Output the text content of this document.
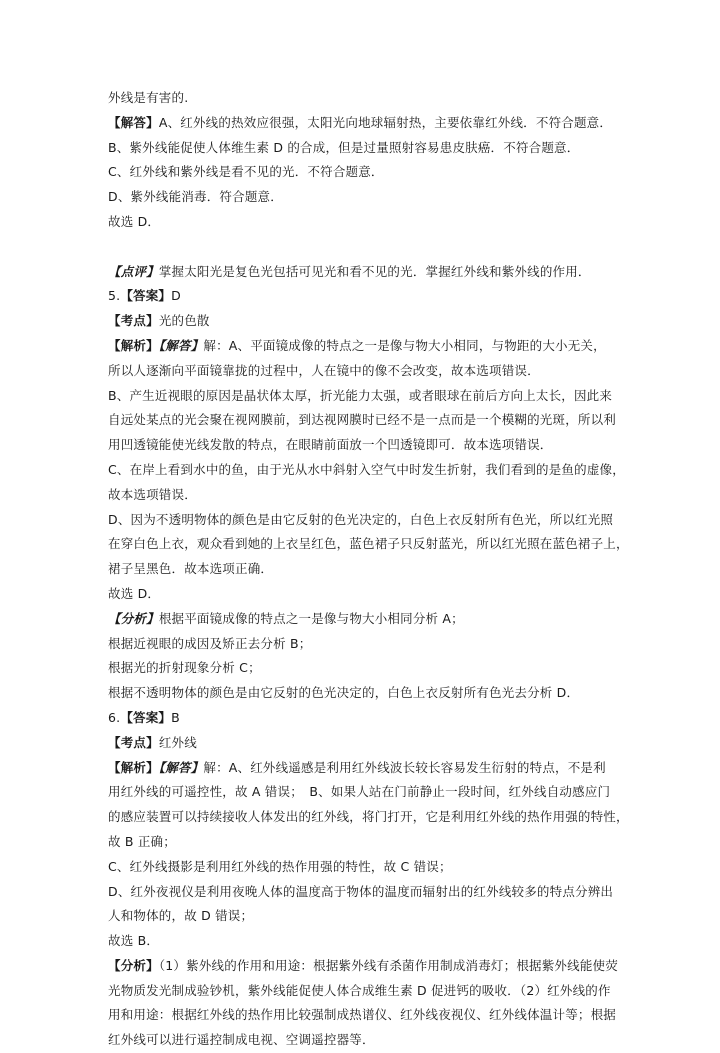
外线是有害的.
【解答】A、红外线的热效应很强，太阳光向地球辐射热，主要依靠红外线．不符合题意．
B、紫外线能促使人体维生素 D 的合成，但是过量照射容易患皮肤癌．不符合题意．
C、红外线和紫外线是看不见的光．不符合题意．
D、紫外线能消毒．符合题意．
故选 D．
【点评】掌握太阳光是复色光包括可见光和看不见的光．掌握红外线和紫外线的作用．
5.【答案】D
【考点】光的色散
【解析】【解答】解：A、平面镜成像的特点之一是像与物大小相同，与物距的大小无关，
所以人逐渐向平面镜靠拢的过程中，人在镜中的像不会改变，故本选项错误．
B、产生近视眼的原因是晶状体太厚，折光能力太强，或者眼球在前后方向上太长，因此来
自远处某点的光会聚在视网膜前，到达视网膜时已经不是一点而是一个模糊的光斑，所以利
用凹透镜能使光线发散的特点，在眼睛前面放一个凹透镜即可．故本选项错误．
C、在岸上看到水中的鱼，由于光从水中斜射入空气中时发生折射，我们看到的是鱼的虚像，
故本选项错误．
D、因为不透明物体的颜色是由它反射的色光决定的，白色上衣反射所有色光，所以红光照
在穿白色上衣，观众看到她的上衣呈红色，蓝色裙子只反射蓝光，所以红光照在蓝色裙子上，
裙子呈黑色．故本选项正确．
故选 D．
【分析】根据平面镜成像的特点之一是像与物大小相同分析 A；
根据近视眼的成因及矫正去分析 B；
根据光的折射现象分析 C；
根据不透明物体的颜色是由它反射的色光决定的，白色上衣反射所有色光去分析 D．
6.【答案】B
【考点】红外线
【解析】【解答】解：A、红外线遥感是利用红外线波长较长容易发生衍射的特点，不是利
用红外线的可遥控性，故 A 错误；　B、如果人站在门前静止一段时间，红外线自动感应门
的感应装置可以持续接收人体发出的红外线，将门打开，它是利用红外线的热作用强的特性，
故 B 正确；
C、红外线摄影是利用红外线的热作用强的特性，故 C 错误；
D、红外夜视仪是利用夜晚人体的温度高于物体的温度而辐射出的红外线较多的特点分辨出
人和物体的，故 D 错误；
故选 B．
【分析】（1）紫外线的作用和用途：根据紫外线有杀菌作用制成消毒灯；根据紫外线能使荧
光物质发光制成验钞机，紫外线能促使人体合成维生素 D 促进钙的吸收．（2）红外线的作
用和用途：根据红外线的热作用比较强制成热谱仪、红外线夜视仪、红外线体温计等；根据
红外线可以进行遥控制成电视、空调遥控器等．
